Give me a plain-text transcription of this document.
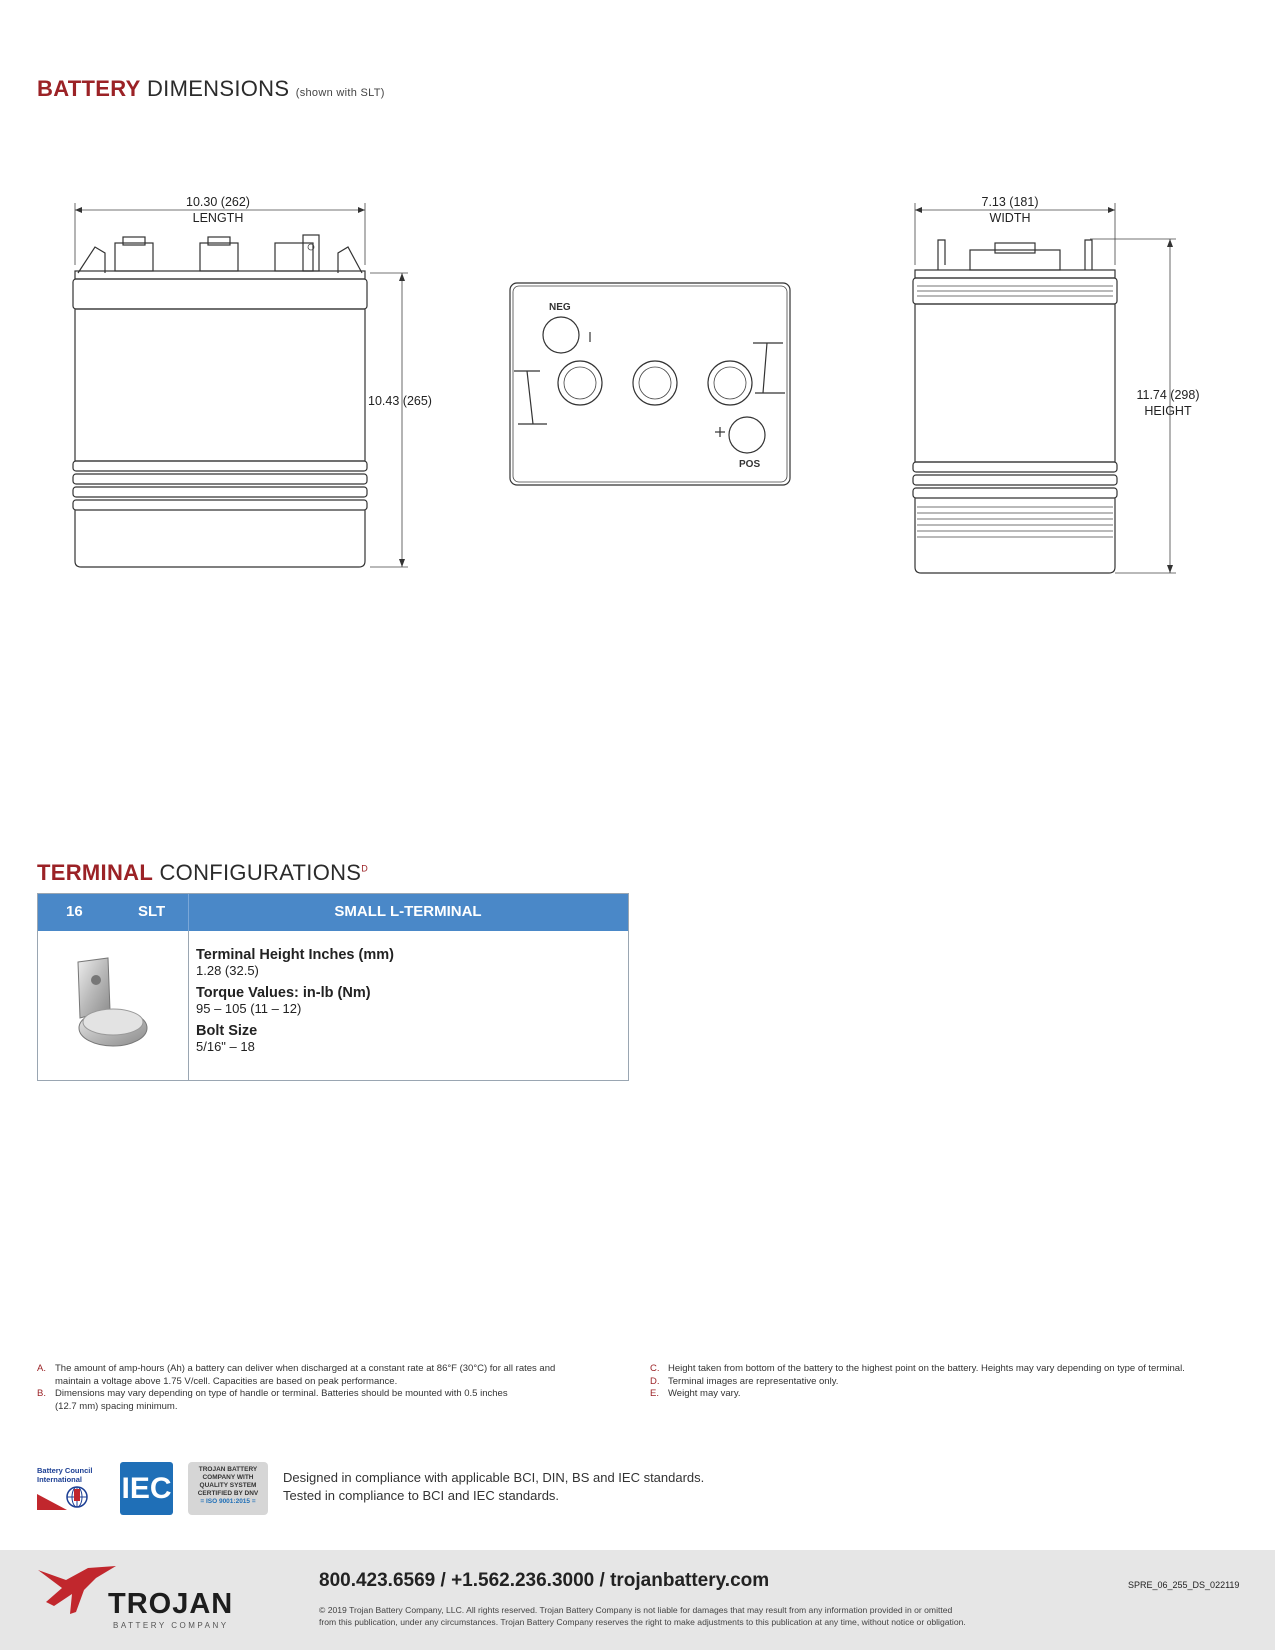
BATTERY DIMENSIONS (shown with SLT)
10.30 (262)
LENGTH
10.43 (265)
7.13 (181)
WIDTH
11.74 (298)
HEIGHT
NEG
POS
TERMINAL $CONFIGURATIONS^D$
16	SLT	SMALL L-TERMINAL
Terminal Height Inches (mm)
1.28 (32.5)
Torque Values: in-lb (Nm)
95 – 105 (11 – 12)
Bolt Size
5/16" – 18
A. The amount of amp-hours (Ah) a battery can deliver when discharged at a constant rate at 86°F (30°C) for all rates and maintain a voltage above 1.75 V/cell. Capacities are based on peak performance.
B. Dimensions may vary depending on type of handle or terminal. Batteries should be mounted with 0.5 inches (12.7 mm) spacing minimum.
C. Height taken from bottom of the battery to the highest point on the battery. Heights may vary depending on type of terminal.
D. Terminal images are representative only.
E. Weight may vary.
Battery Council
International	IEC
TROJAN BATTERY
COMPANY WITH
QUALITY SYSTEM
CERTIFIED BY DNV
= ISO 9001:2015 =
Designed in compliance with applicable BCI, DIN, BS and IEC standards.
Tested in compliance to BCI and IEC standards.
TROJAN
BATTERY COMPANY
800.423.6569 / +1.562.236.3000 / trojanbattery.com	SPRE_06_255_DS_022119
© 2019 Trojan Battery Company, LLC. All rights reserved. Trojan Battery Company is not liable for damages that may result from any information provided in or omitted
from this publication, under any circumstances. Trojan Battery Company reserves the right to make adjustments to this publication at any time, without notice or obligation.
